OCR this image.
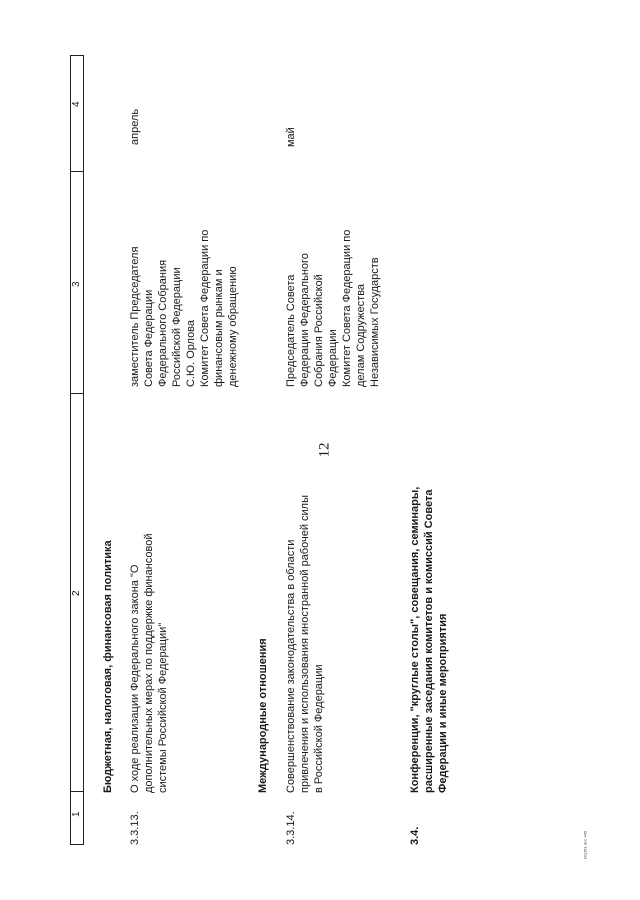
12
kri1351.doc 445
1
2
3
4
Бюджетная, налоговая, финансовая политика
3.3.13.
О ходе реализации Федерального закона "О дополнительных мерах по поддержке финансовой системы Российской Федерации"
заместитель Председателя Совета Федерации Федерального Собрания Российской Федерации С.Ю. Орлова Комитет Совета Федерации по финансовым рынкам и денежному обращению
апрель
Международные отношения
3.3.14.
Совершенствование законодательства в области привлечения и использования иностранной рабочей силы в Российской Федерации
Председатель Совета Федерации Федерального Собрания Российской Федерации Комитет Совета Федерации по делам Содружества Независимых Государств
май
3.4.
Конференции, "круглые столы", совещания, семинары, расширенные заседания комитетов и комиссий Совета Федерации и иные мероприятия
